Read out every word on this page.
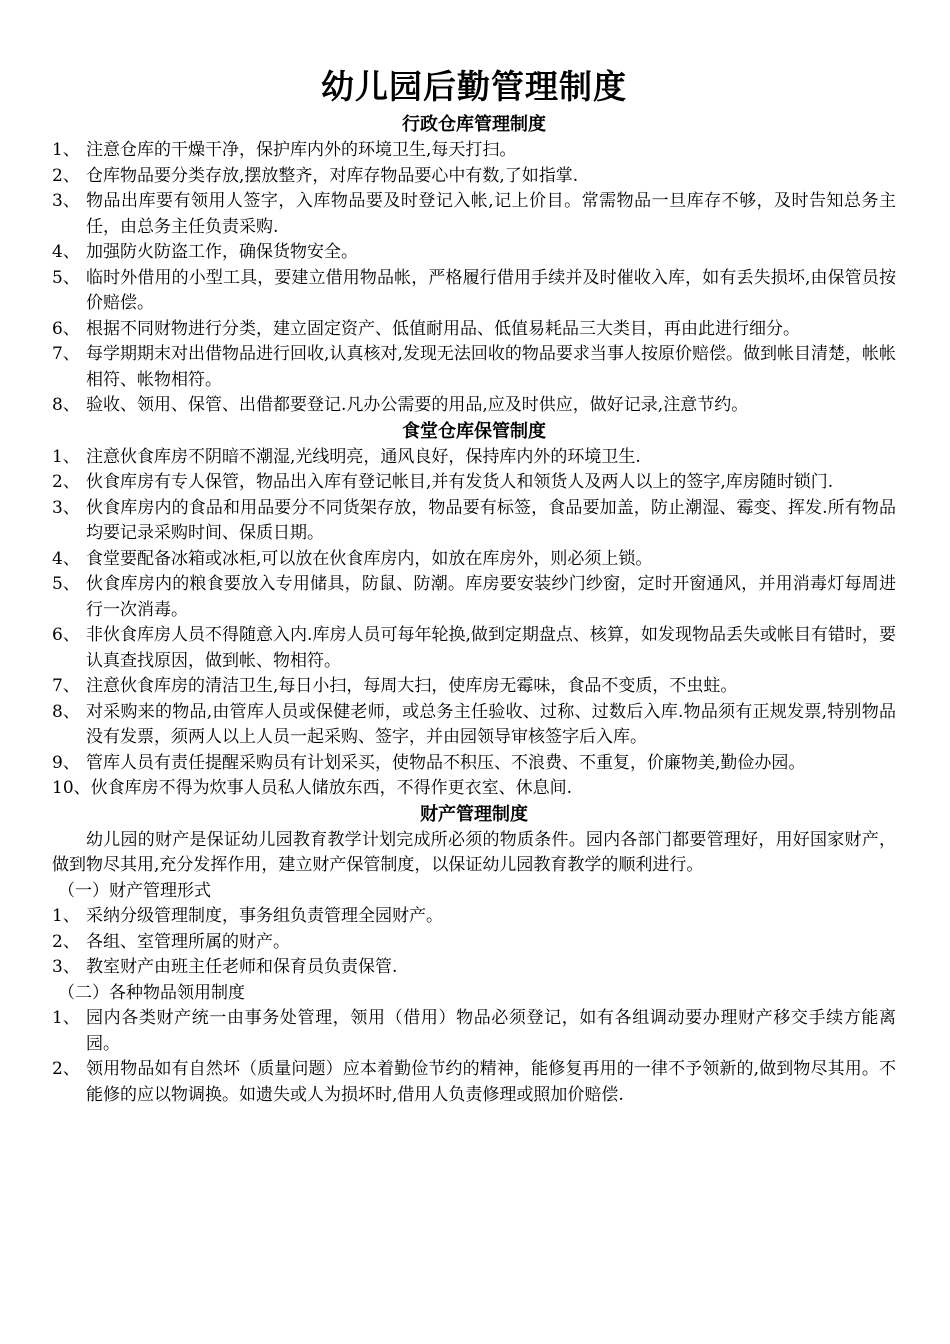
幼儿园后勤管理制度
行政仓库管理制度
1、 注意仓库的干燥干净，保护库内外的环境卫生,每天打扫。
2、 仓库物品要分类存放,摆放整齐，对库存物品要心中有数,了如指掌.
3、 物品出库要有领用人签字，入库物品要及时登记入帐,记上价目。常需物品一旦库存不够，及时告知总务主任，由总务主任负责采购.
4、 加强防火防盗工作，确保货物安全。
5、 临时外借用的小型工具，要建立借用物品帐，严格履行借用手续并及时催收入库，如有丢失损坏,由保管员按价赔偿。
6、 根据不同财物进行分类，建立固定资产、低值耐用品、低值易耗品三大类目，再由此进行细分。
7、 每学期期末对出借物品进行回收,认真核对,发现无法回收的物品要求当事人按原价赔偿。做到帐目清楚，帐帐相符、帐物相符。
8、 验收、领用、保管、出借都要登记.凡办公需要的用品,应及时供应，做好记录,注意节约。
食堂仓库保管制度
1、 注意伙食库房不阴暗不潮湿,光线明亮，通风良好，保持库内外的环境卫生.
2、 伙食库房有专人保管，物品出入库有登记帐目,并有发货人和领货人及两人以上的签字,库房随时锁门.
3、 伙食库房内的食品和用品要分不同货架存放，物品要有标签，食品要加盖，防止潮湿、霉变、挥发.所有物品均要记录采购时间、保质日期。
4、 食堂要配备冰箱或冰柜,可以放在伙食库房内，如放在库房外，则必须上锁。
5、 伙食库房内的粮食要放入专用储具，防鼠、防潮。库房要安装纱门纱窗，定时开窗通风，并用消毒灯每周进行一次消毒。
6、 非伙食库房人员不得随意入内.库房人员可每年轮换,做到定期盘点、核算，如发现物品丢失或帐目有错时，要认真查找原因，做到帐、物相符。
7、 注意伙食库房的清洁卫生,每日小扫，每周大扫，使库房无霉味，食品不变质，不虫蛀。
8、 对采购来的物品,由管库人员或保健老师，或总务主任验收、过称、过数后入库.物品须有正规发票,特别物品没有发票，须两人以上人员一起采购、签字，并由园领导审核签字后入库。
9、 管库人员有责任提醒采购员有计划采买，使物品不积压、不浪费、不重复，价廉物美,勤俭办园。
10、 伙食库房不得为炊事人员私人储放东西，不得作更衣室、休息间.
财产管理制度

幼儿园的财产是保证幼儿园教育教学计划完成所必须的物质条件。园内各部门都要管理好，用好国家财产，做到物尽其用,充分发挥作用，建立财产保管制度，以保证幼儿园教育教学的顺利进行。

（一）财产管理形式

1、 采纳分级管理制度，事务组负责管理全园财产。
2、 各组、室管理所属的财产。
3、 教室财产由班主任老师和保育员负责保管.

（二）各种物品领用制度

1、 园内各类财产统一由事务处管理，领用（借用）物品必须登记，如有各组调动要办理财产移交手续方能离园。
2、 领用物品如有自然坏（质量问题）应本着勤俭节约的精神，能修复再用的一律不予领新的,做到物尽其用。不能修的应以物调换。如遗失或人为损坏时,借用人负责修理或照加价赔偿.
